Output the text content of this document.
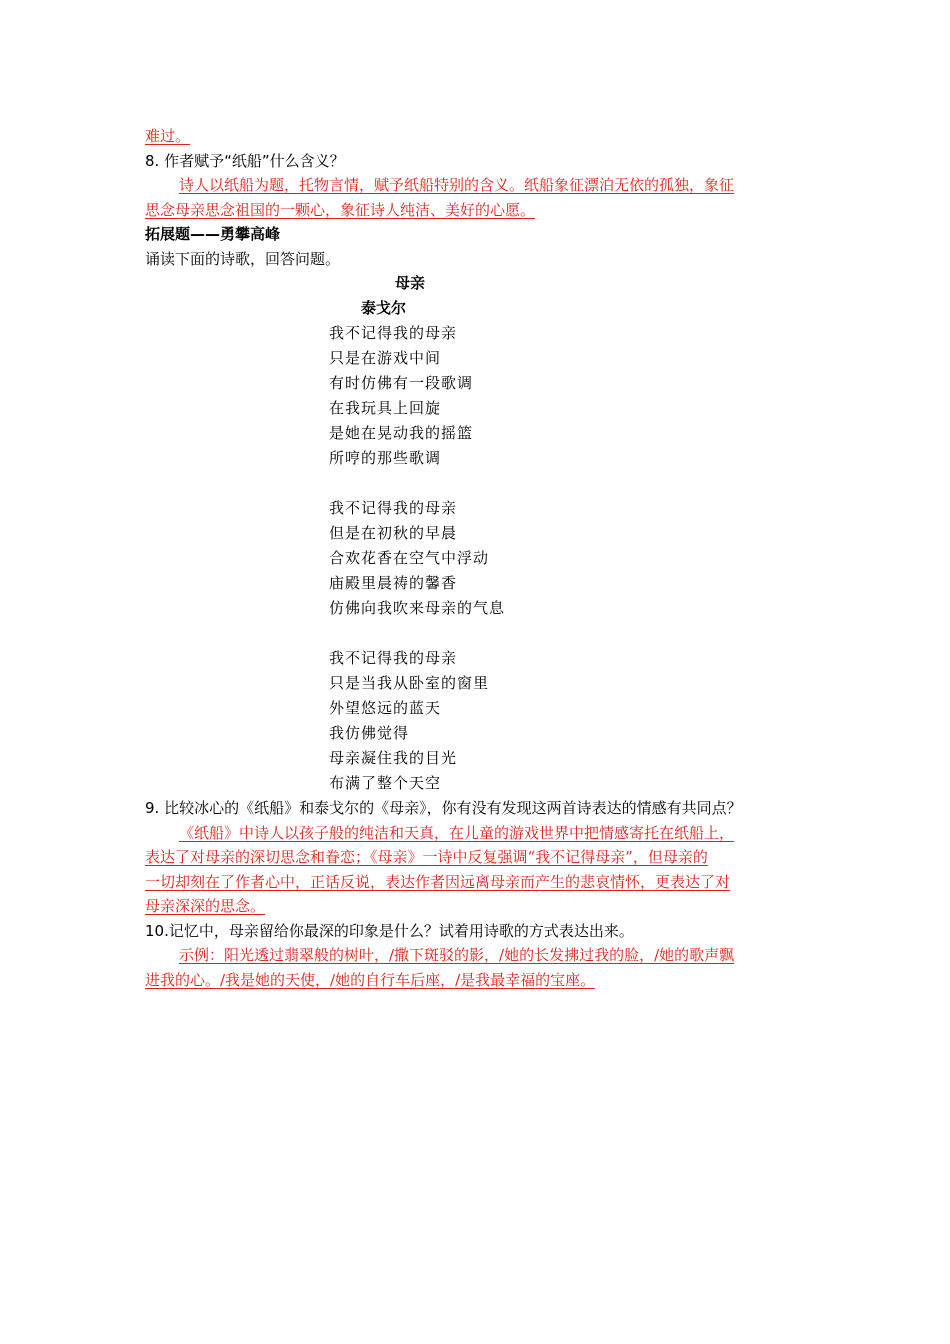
难过。
8. 作者赋予“纸船”什么含义？
诗人以纸船为题，托物言情，赋予纸船特别的含义。纸船象征漂泊无依的孤独，象征
思念母亲思念祖国的一颗心，象征诗人纯洁、美好的心愿。
拓展题——勇攀高峰
诵读下面的诗歌，回答问题。
母亲
泰戈尔
我不记得我的母亲
只是在游戏中间
有时仿佛有一段歌调
在我玩具上回旋
是她在晃动我的摇篮
所哼的那些歌调
我不记得我的母亲
但是在初秋的早晨
合欢花香在空气中浮动
庙殿里晨祷的馨香
仿佛向我吹来母亲的气息
我不记得我的母亲
只是当我从卧室的窗里
外望悠远的蓝天
我仿佛觉得
母亲凝住我的目光
布满了整个天空
9. 比较冰心的《纸船》和泰戈尔的《母亲》，你有没有发现这两首诗表达的情感有共同点？
《纸船》中诗人以孩子般的纯洁和天真，在儿童的游戏世界中把情感寄托在纸船上，
表达了对母亲的深切思念和眷恋；《母亲》一诗中反复强调“我不记得母亲”，但母亲的
一切却刻在了作者心中，正话反说，表达作者因远离母亲而产生的悲哀情怀，更表达了对
母亲深深的思念。
10.记忆中，母亲留给你最深的印象是什么？试着用诗歌的方式表达出来。
示例：阳光透过翡翠般的树叶，/撒下斑驳的影，/她的长发拂过我的脸，/她的歌声飘
进我的心。/我是她的天使，/她的自行车后座，/是我最幸福的宝座。
